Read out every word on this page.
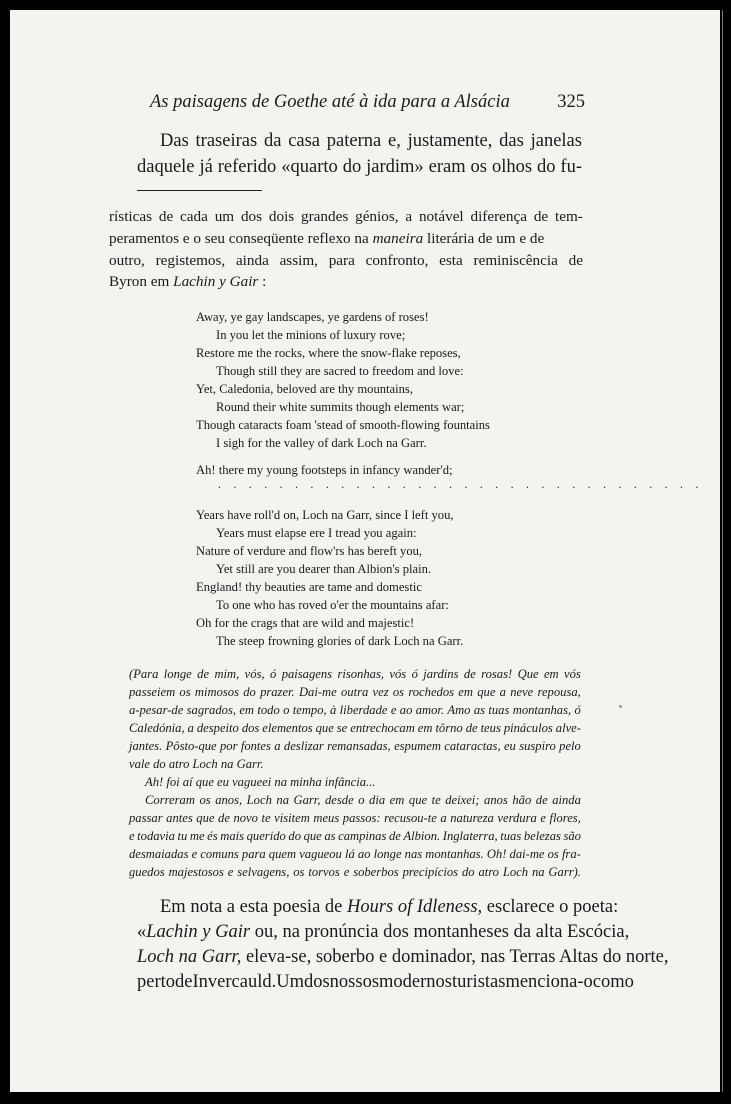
As paisagens de Goethe até à ida para a Alsácia	325
Das traseiras da casa paterna e, justamente, das janelas
daquele já referido «quarto do jardim» eram os olhos do fu-
rísticas de cada um dos dois grandes génios, a notável diferença de tem-
peramentos e o seu conseqüente reflexo na maneira literária de um e de
outro, registemos, ainda assim, para confronto, esta reminiscência de
Byron em Lachin y Gair :
Away, ye gay landscapes, ye gardens of roses!
In you let the minions of luxury rove;
Restore me the rocks, where the snow-flake reposes,
Though still they are sacred to freedom and love:
Yet, Caledonia, beloved are thy mountains,
Round their white summits though elements war;
Though cataracts foam 'stead of smooth-flowing fountains
I sigh for the valley of dark Loch na Garr.
Ah! there my young footsteps in infancy wander'd;
. . . . . . . . . . . . . . . . . . . . . . . . . . . . . . . .
Years have roll'd on, Loch na Garr, since I left you,
Years must elapse ere I tread you again:
Nature of verdure and flow'rs has bereft you,
Yet still are you dearer than Albion's plain.
England! thy beauties are tame and domestic
To one who has roved o'er the mountains afar:
Oh for the crags that are wild and majestic!
The steep frowning glories of dark Loch na Garr.
(Para longe de mim, vós, ó paisagens risonhas, vós ó jardins de rosas! Que em vós
passeiem os mimosos do prazer. Dai-me outra vez os rochedos em que a neve repousa,
a-pesar-de sagrados, em todo o tempo, à liberdade e ao amor. Amo as tuas montanhas, ó
Caledónia, a despeito dos elementos que se entrechocam em tôrno de teus pináculos alve-
jantes. Pôsto-que por fontes a deslizar remansadas, espumem cataractas, eu suspiro pelo
vale do atro Loch na Garr.
Ah! foi aí que eu vagueei na minha infância...
Correram os anos, Loch na Garr, desde o dia em que te deixei; anos hão de ainda
passar antes que de novo te visitem meus passos: recusou-te a natureza verdura e flores,
e todavia tu me és mais querido do que as campinas de Albion. Inglaterra, tuas belezas são
desmaiadas e comuns para quem vagueou lá ao longe nas montanhas. Oh! dai-me os fra-
guedos majestosos e selvagens, os torvos e soberbos precipícios do atro Loch na Garr).
Em nota a esta poesia de Hours of Idleness, esclarece o poeta:
«Lachin y Gair ou, na pronúncia dos montanheses da alta Escócia,
Loch na Garr, eleva-se, soberbo e dominador, nas Terras Altas do norte,
perto de Invercauld. Um dos nossos modernos turistas menciona-o como
